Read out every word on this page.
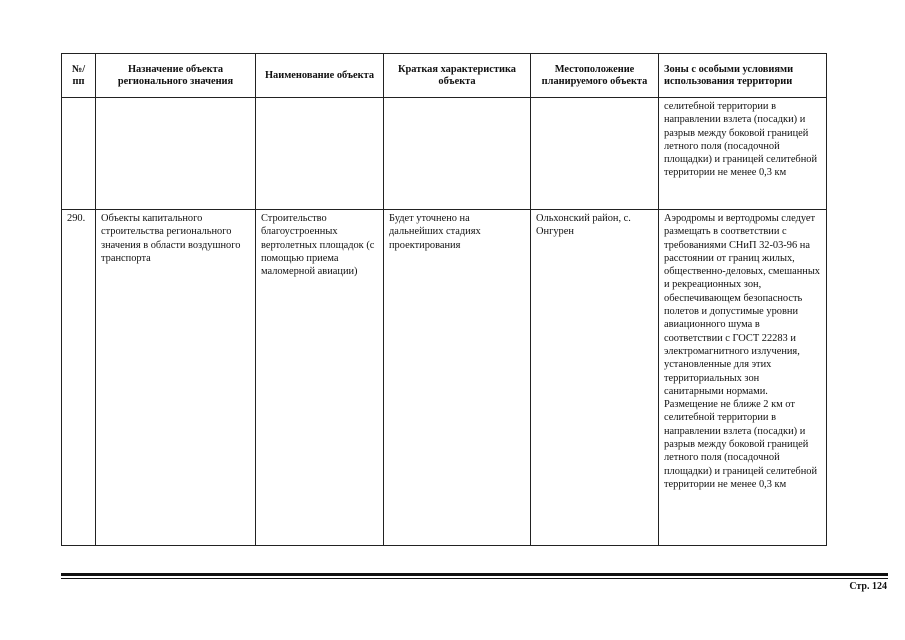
№/ пп	Назначение объекта регионального значения	Наименование объекта	Краткая характеристика объекта	Местоположение планируемого объекта	Зоны с особыми условиями использования территории
					селитебной территории в направлении взлета (посадки) и разрыв между боковой границей летного поля (посадочной площадки) и границей селитебной территории не менее 0,3 км
290.	Объекты капитального строительства регионального значения в области воздушного транспорта	Строительство благоустроенных вертолетных площадок (с помощью приема маломерной авиации)	Будет уточнено на дальнейших стадиях проектирования	Ольхонский район, с. Онгурен	Аэродромы и вертодромы следует размещать в соответствии с требованиями СНиП 32-03-96 на расстоянии от границ жилых, общественно-деловых, смешанных и рекреационных зон, обеспечивающем безопасность полетов и допустимые уровни авиационного шума в соответствии с ГОСТ 22283 и электромагнитного излучения, установленные для этих территориальных зон санитарными нормами. Размещение не ближе 2 км от селитебной территории в направлении взлета (посадки) и разрыв между боковой границей летного поля (посадочной площадки) и границей селитебной территории не менее 0,3 км
Стр. 124
